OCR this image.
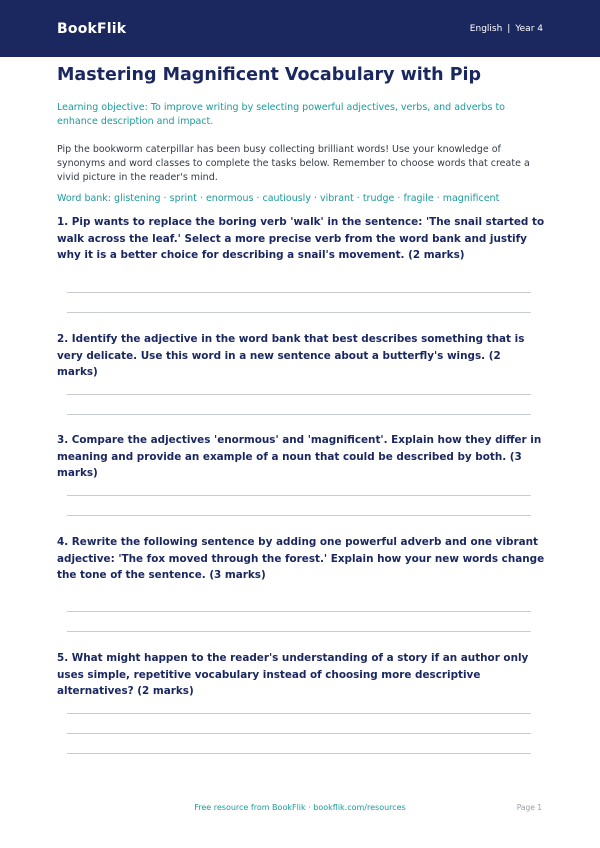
BookFlik	English | Year 4
Mastering Magnificent Vocabulary with Pip
Learning objective: To improve writing by selecting powerful adjectives, verbs, and adverbs to enhance description and impact.
Pip the bookworm caterpillar has been busy collecting brilliant words! Use your knowledge of synonyms and word classes to complete the tasks below. Remember to choose words that create a vivid picture in the reader's mind.
Word bank: glistening · sprint · enormous · cautiously · vibrant · trudge · fragile · magnificent
1. Pip wants to replace the boring verb 'walk' in the sentence: 'The snail started to walk across the leaf.' Select a more precise verb from the word bank and justify why it is a better choice for describing a snail's movement. (2 marks)
2. Identify the adjective in the word bank that best describes something that is very delicate. Use this word in a new sentence about a butterfly's wings. (2 marks)
3. Compare the adjectives 'enormous' and 'magnificent'. Explain how they differ in meaning and provide an example of a noun that could be described by both. (3 marks)
4. Rewrite the following sentence by adding one powerful adverb and one vibrant adjective: 'The fox moved through the forest.' Explain how your new words change the tone of the sentence. (3 marks)
5. What might happen to the reader's understanding of a story if an author only uses simple, repetitive vocabulary instead of choosing more descriptive alternatives? (2 marks)
Free resource from BookFlik · bookflik.com/resources	Page 1
